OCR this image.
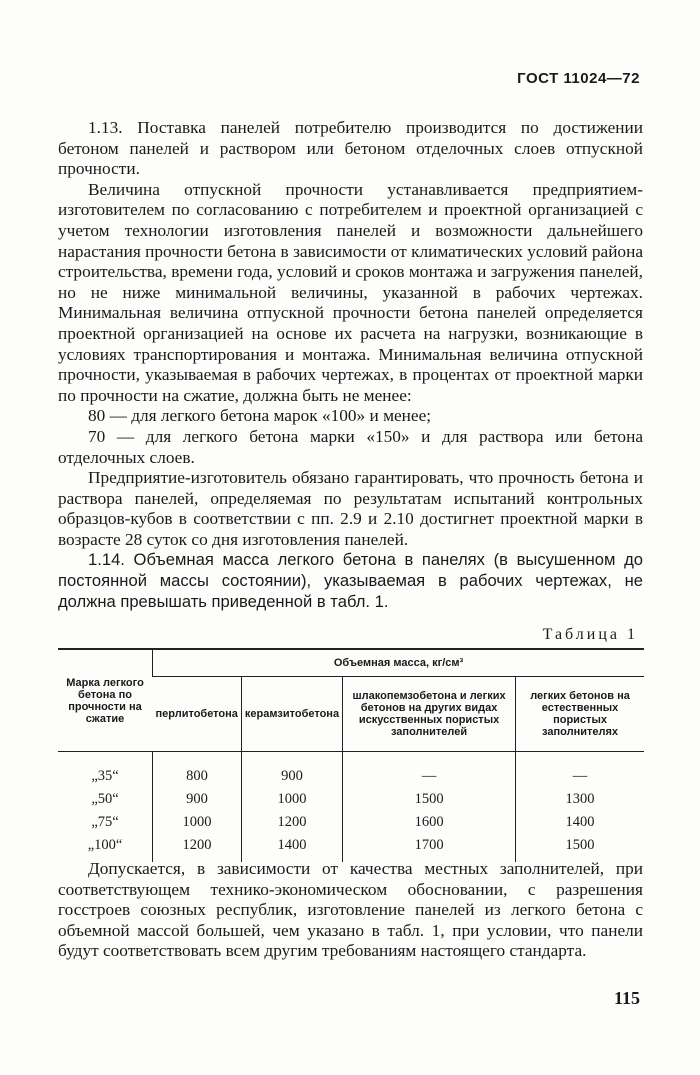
ГОСТ 11024—72

1.13. Поставка панелей потребителю производится по достижении бетоном панелей и раствором или бетоном отделочных слоев отпускной прочности.

Величина отпускной прочности устанавливается предприятием-изготовителем по согласованию с потребителем и проектной организацией с учетом технологии изготовления панелей и возможности дальнейшего нарастания прочности бетона в зависимости от климатических условий района строительства, времени года, условий и сроков монтажа и загружения панелей, но не ниже минимальной величины, указанной в рабочих чертежах. Минимальная величина отпускной прочности бетона панелей определяется проектной организацией на основе их расчета на нагрузки, возникающие в условиях транспортирования и монтажа. Минимальная величина отпускной прочности, указываемая в рабочих чертежах, в процентах от проектной марки по прочности на сжатие, должна быть не менее:

80 — для легкого бетона марок «100» и менее;

70 — для легкого бетона марки «150» и для раствора или бетона отделочных слоев.

Предприятие-изготовитель обязано гарантировать, что прочность бетона и раствора панелей, определяемая по результатам испытаний контрольных образцов-кубов в соответствии с пп. 2.9 и 2.10 достигнет проектной марки в возрасте 28 суток со дня изготовления панелей.

1.14. Объемная масса легкого бетона в панелях (в высушенном до постоянной массы состоянии), указываемая в рабочих чертежах, не должна превышать приведенной в табл. 1.

Таблица 1
Марка легкого бетона по прочности на сжатие	Объемная масса, кг/см³			
	перлитобетона	керамзитобетона	шлакопемзобетона и легких бетонов на других видах искусственных пористых заполнителей	легких бетонов на естественных пористых заполнителях
„35“	800	900	—	—
„50“	900	1000	1500	1300
„75“	1000	1200	1600	1400
„100“	1200	1400	1700	1500

Допускается, в зависимости от качества местных заполнителей, при соответствующем технико-экономическом обосновании, с разрешения госстроев союзных республик, изготовление панелей из легкого бетона с объемной массой большей, чем указано в табл. 1, при условии, что панели будут соответствовать всем другим требованиям настоящего стандарта.

115
